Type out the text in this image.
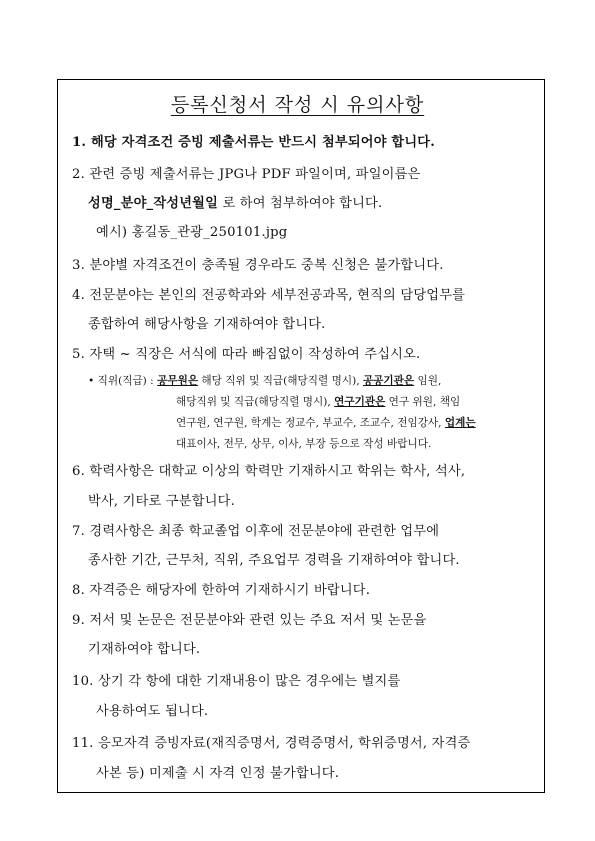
등록신청서 작성 시 유의사항
1. 해당 자격조건 증빙 제출서류는 반드시 첨부되어야 합니다.
2. 관련 증빙 제출서류는 JPG나 PDF 파일이며, 파일이름은
성명_분야_작성년월일 로 하여 첨부하여야 합니다.
예시) 홍길동_관광_250101.jpg
3. 분야별 자격조건이 충족될 경우라도 중복 신청은 불가합니다.
4. 전문분야는 본인의 전공학과와 세부전공과목, 현직의 담당업무를
종합하여 해당사항을 기재하여야 합니다.
5. 자택 ~ 직장은 서식에 따라 빠짐없이 작성하여 주십시오.
• 직위(직급) : 공무원은 해당 직위 및 직급(해당직렬 명시), 공공기관은 임원,
해당직위 및 직급(해당직렬 명시), 연구기관은 연구 위원, 책임
연구원, 연구원, 학계는 정교수, 부교수, 조교수, 전임강사, 업계는
대표이사, 전무, 상무, 이사, 부장 등으로 작성 바랍니다.
6. 학력사항은 대학교 이상의 학력만 기재하시고 학위는 학사, 석사,
박사, 기타로 구분합니다.
7. 경력사항은 최종 학교졸업 이후에 전문분야에 관련한 업무에
종사한 기간, 근무처, 직위, 주요업무 경력을 기재하여야 합니다.
8. 자격증은 해당자에 한하여 기재하시기 바랍니다.
9. 저서 및 논문은 전문분야와 관련 있는 주요 저서 및 논문을
기재하여야 합니다.
10. 상기 각 항에 대한 기재내용이 많은 경우에는 별지를
사용하여도 됩니다.
11. 응모자격 증빙자료(재직증명서, 경력증명서, 학위증명서, 자격증
사본 등) 미제출 시 자격 인정 불가합니다.
